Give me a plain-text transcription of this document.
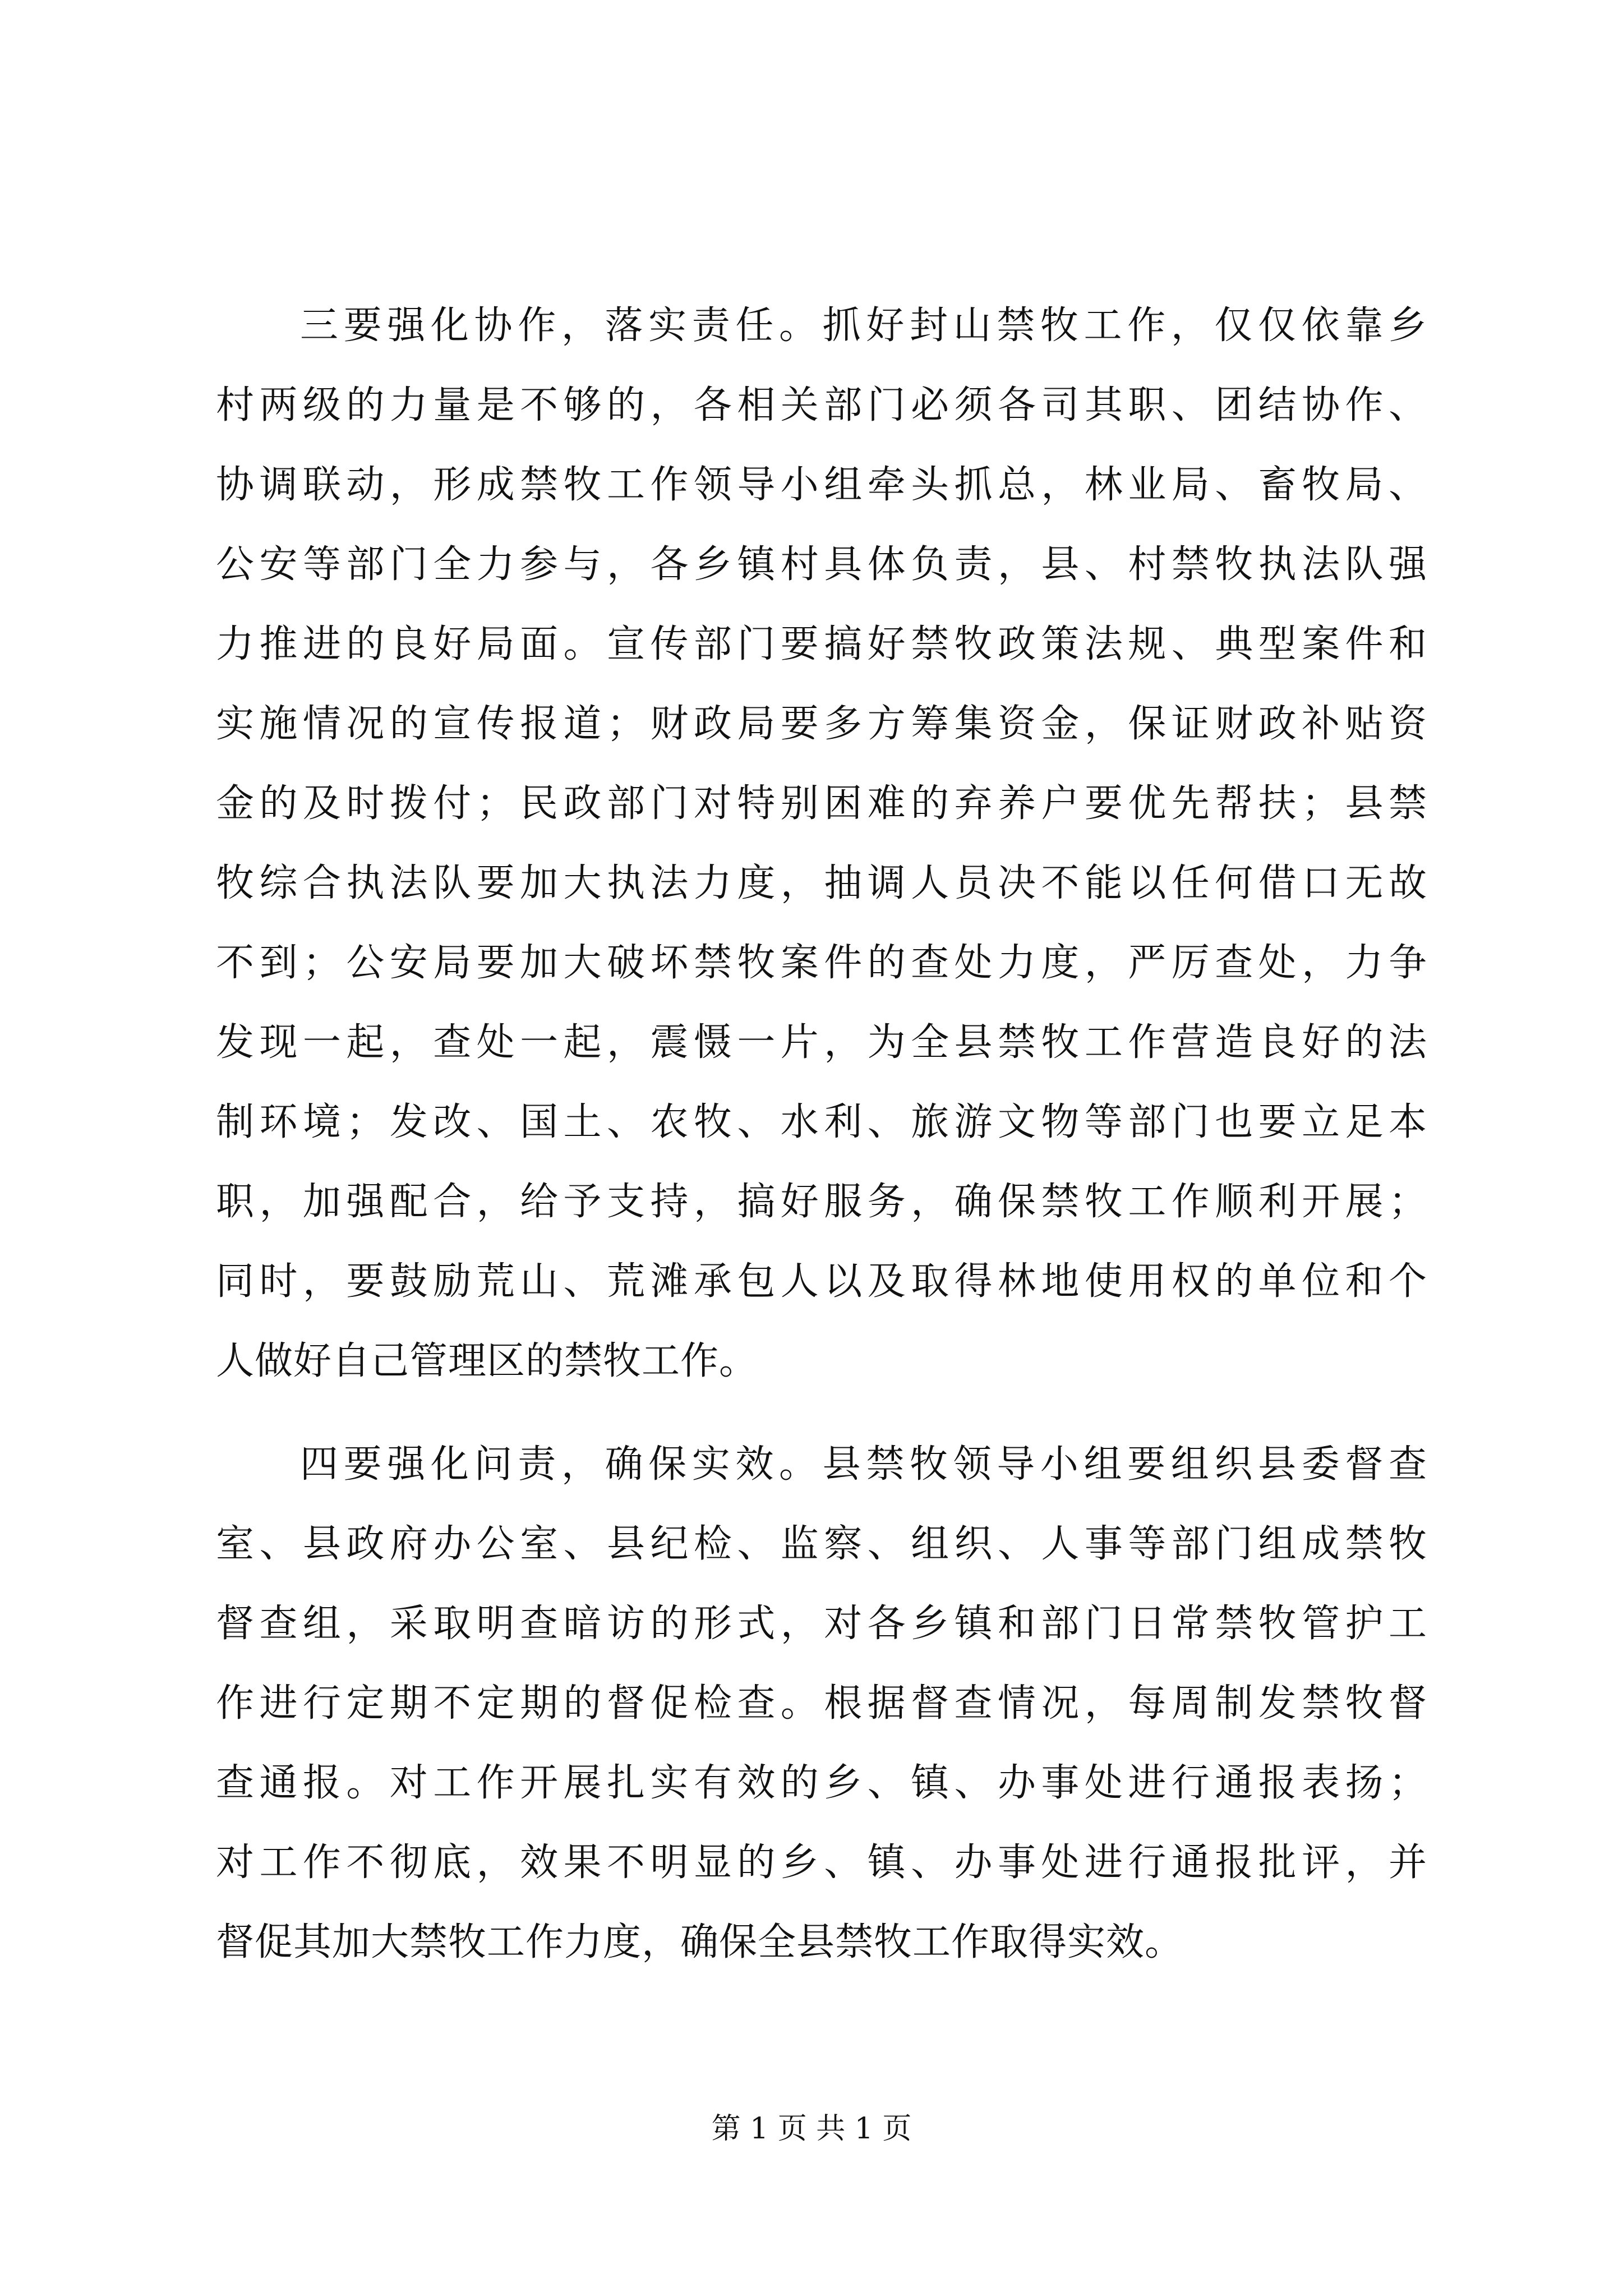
三要强化协作，落实责任。抓好封山禁牧工作，仅仅依靠乡
村两级的力量是不够的，各相关部门必须各司其职、团结协作、
协调联动，形成禁牧工作领导小组牵头抓总，林业局、畜牧局、
公安等部门全力参与，各乡镇村具体负责，县、村禁牧执法队强
力推进的良好局面。宣传部门要搞好禁牧政策法规、典型案件和
实施情况的宣传报道；财政局要多方筹集资金，保证财政补贴资
金的及时拨付；民政部门对特别困难的弃养户要优先帮扶；县禁
牧综合执法队要加大执法力度，抽调人员决不能以任何借口无故
不到；公安局要加大破坏禁牧案件的查处力度，严厉查处，力争
发现一起，查处一起，震慑一片，为全县禁牧工作营造良好的法
制环境；发改、国土、农牧、水利、旅游文物等部门也要立足本
职，加强配合，给予支持，搞好服务，确保禁牧工作顺利开展；
同时，要鼓励荒山、荒滩承包人以及取得林地使用权的单位和个
人做好自己管理区的禁牧工作。
四要强化问责，确保实效。县禁牧领导小组要组织县委督查
室、县政府办公室、县纪检、监察、组织、人事等部门组成禁牧
督查组，采取明查暗访的形式，对各乡镇和部门日常禁牧管护工
作进行定期不定期的督促检查。根据督查情况，每周制发禁牧督
查通报。对工作开展扎实有效的乡、镇、办事处进行通报表扬；
对工作不彻底，效果不明显的乡、镇、办事处进行通报批评，并
督促其加大禁牧工作力度，确保全县禁牧工作取得实效。
第 1 页 共 1 页
